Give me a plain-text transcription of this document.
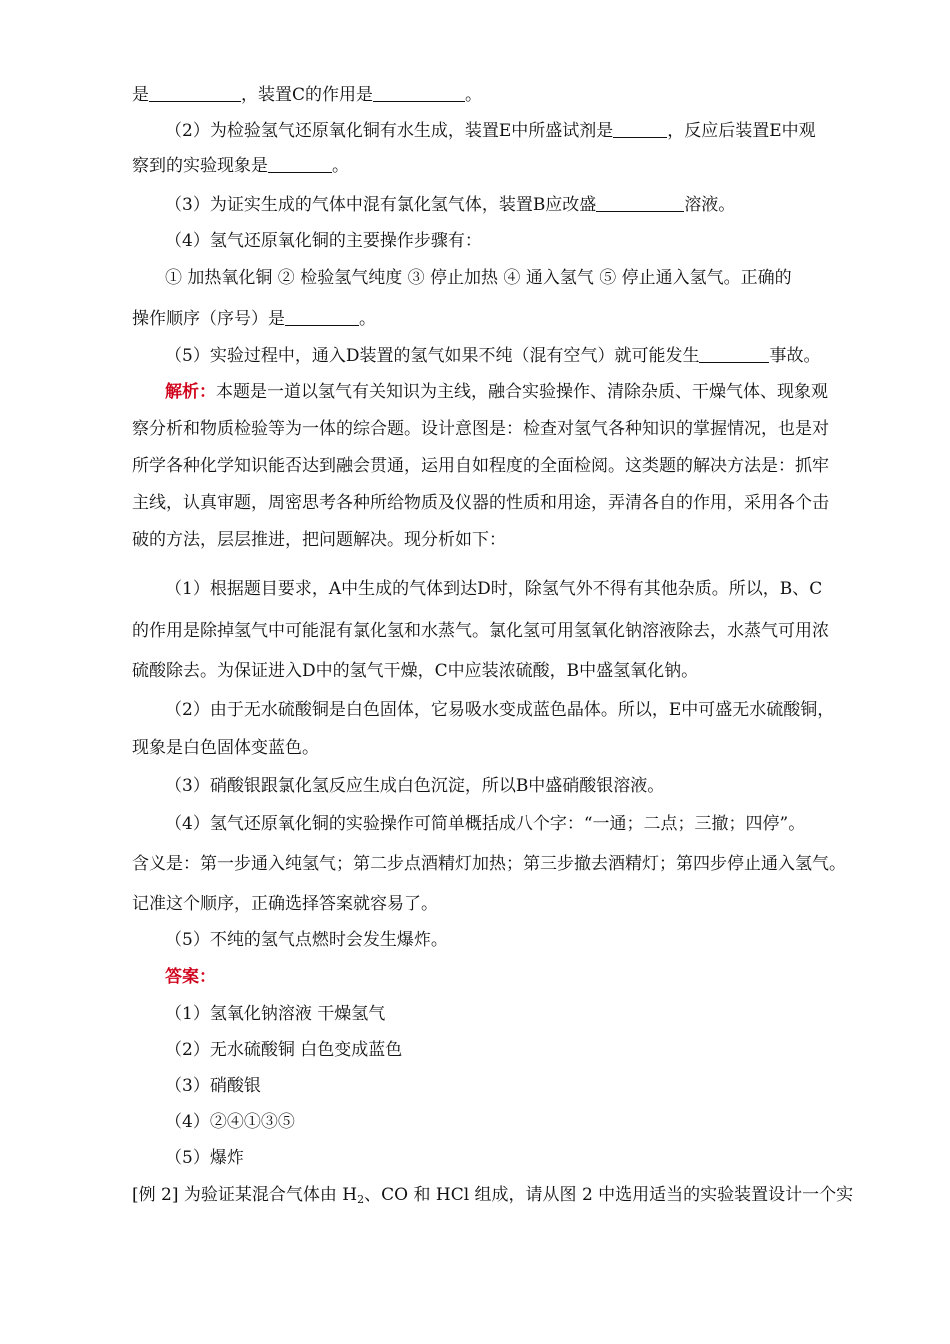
是	，装置C的作用是	。
（2）为检验氢气还原氧化铜有水生成，装置E中所盛试剂是	，反应后装置E中观
察到的实验现象是	。
（3）为证实生成的气体中混有氯化氢气体，装置B应改盛	溶液。
（4）氢气还原氧化铜的主要操作步骤有：
① 加热氧化铜 ② 检验氢气纯度 ③ 停止加热 ④ 通入氢气 ⑤ 停止通入氢气。正确的
操作顺序（序号）是	。
（5）实验过程中，通入D装置的氢气如果不纯（混有空气）就可能发生	事故。
解析：本题是一道以氢气有关知识为主线，融合实验操作、清除杂质、干燥气体、现象观
察分析和物质检验等为一体的综合题。设计意图是：检查对氢气各种知识的掌握情况，也是对
所学各种化学知识能否达到融会贯通，运用自如程度的全面检阅。这类题的解决方法是：抓牢
主线，认真审题，周密思考各种所给物质及仪器的性质和用途，弄清各自的作用，采用各个击
破的方法，层层推进，把问题解决。现分析如下：
（1）根据题目要求，A中生成的气体到达D时，除氢气外不得有其他杂质。所以，B、C
的作用是除掉氢气中可能混有氯化氢和水蒸气。氯化氢可用氢氧化钠溶液除去，水蒸气可用浓
硫酸除去。为保证进入D中的氢气干燥，C中应装浓硫酸，B中盛氢氧化钠。
（2）由于无水硫酸铜是白色固体，它易吸水变成蓝色晶体。所以，E中可盛无水硫酸铜，
现象是白色固体变蓝色。
（3）硝酸银跟氯化氢反应生成白色沉淀，所以B中盛硝酸银溶液。
（4）氢气还原氧化铜的实验操作可简单概括成八个字：“一通；二点；三撤；四停”。
含义是：第一步通入纯氢气；第二步点酒精灯加热；第三步撤去酒精灯；第四步停止通入氢气。
记准这个顺序，正确选择答案就容易了。
（5）不纯的氢气点燃时会发生爆炸。
答案：
（1）氢氧化钠溶液 干燥氢气
（2）无水硫酸铜 白色变成蓝色
（3）硝酸银
（4）②④①③⑤
（5）爆炸
[例 2] 为验证某混合气体由 $H_2$、CO 和 HCl 组成，请从图 2 中选用适当的实验装置设计一个实
